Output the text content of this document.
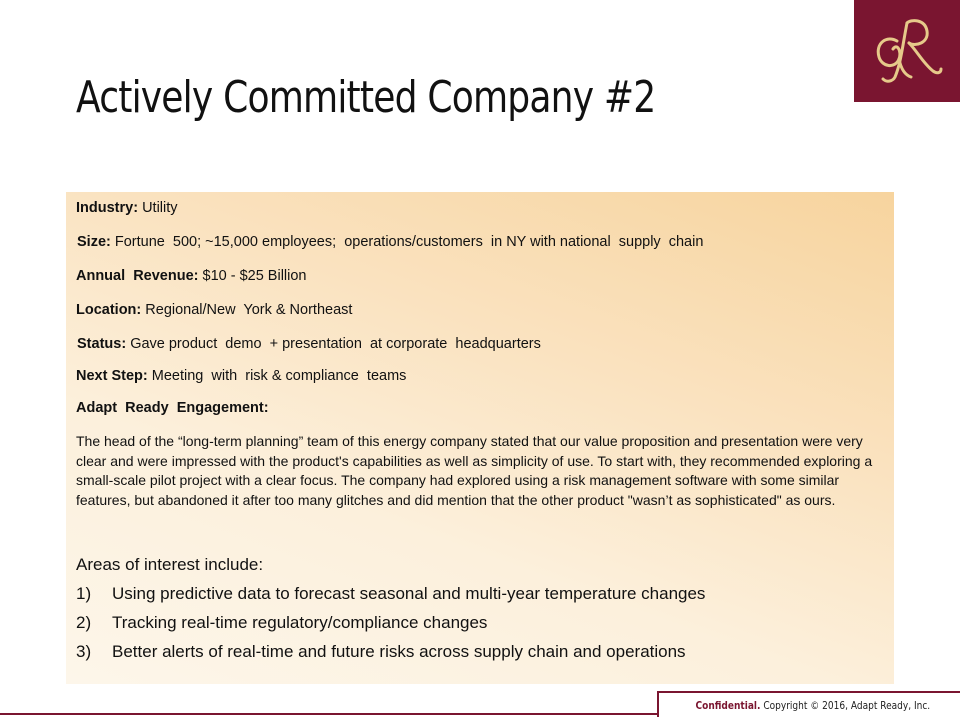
Actively Committed Company #2
Industry: Utility
Size: Fortune  500; ~15,000 employees;  operations/customers  in NY with national  supply  chain
Annual  Revenue: $10 - $25 Billion
Location: Regional/New  York & Northeast
Status: Gave product  demo  + presentation  at corporate  headquarters
Next Step: Meeting  with  risk & compliance  teams
Adapt  Ready  Engagement:
The head of the “long-term planning” team of this energy company stated that our value proposition and presentation were very clear and were impressed with the product's capabilities as well as simplicity of use. To start with, they recommended exploring a small-scale pilot project with a clear focus. The company had explored using a risk management software with some similar features, but abandoned it after too many glitches and did mention that the other product "wasn’t as sophisticated" as ours.
Areas of interest include:
1) Using predictive data to forecast seasonal and multi-year temperature changes
2) Tracking real-time regulatory/compliance changes
3) Better alerts of real-time and future risks across supply chain and operations
Confidential. Copyright © 2016, Adapt Ready, Inc.
